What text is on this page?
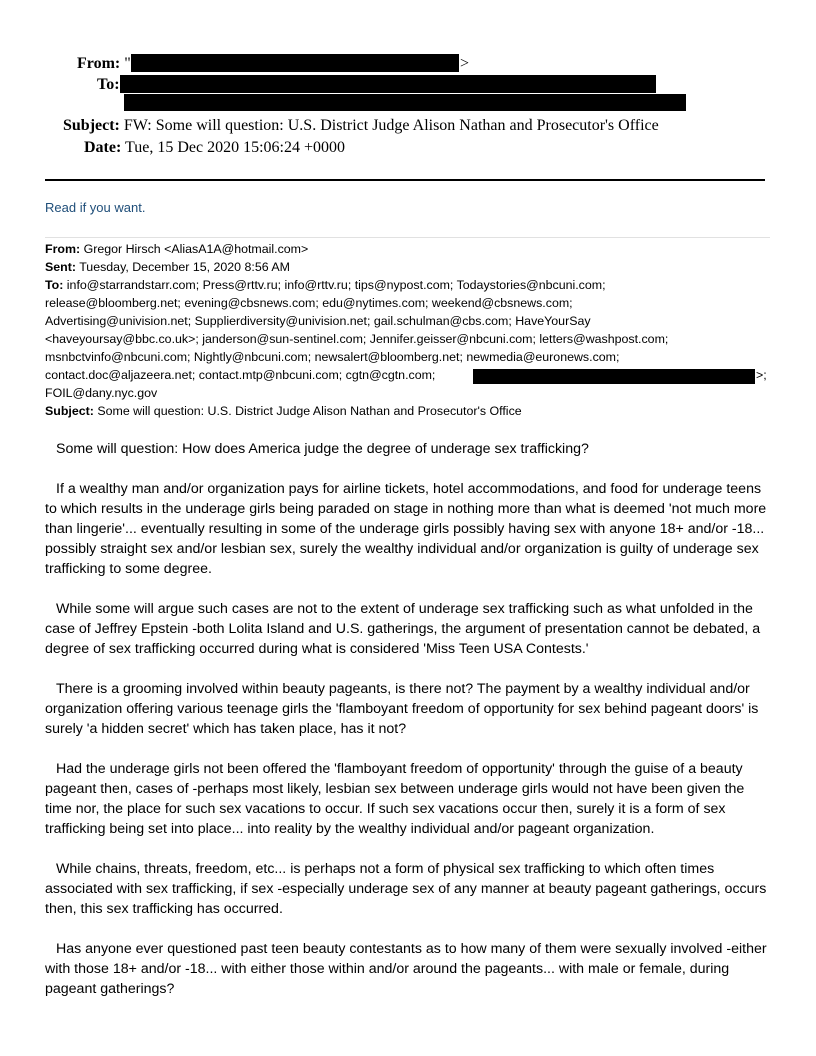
From: "	>
To:
Subject: FW: Some will question: U.S. District Judge Alison Nathan and Prosecutor's Office
Date: Tue, 15 Dec 2020 15:06:24 +0000
Read if you want.
From: Gregor Hirsch <AliasA1A@hotmail.com>
Sent: Tuesday, December 15, 2020 8:56 AM
To: info@starrandstarr.com; Press@rttv.ru; info@rttv.ru; tips@nypost.com; Todaystories@nbcuni.com;
release@bloomberg.net; evening@cbsnews.com; edu@nytimes.com; weekend@cbsnews.com;
Advertising@univision.net; Supplierdiversity@univision.net; gail.schulman@cbs.com; HaveYourSay
<haveyoursay@bbc.co.uk>; janderson@sun-sentinel.com; Jennifer.geisser@nbcuni.com; letters@washpost.com;
msnbctvinfo@nbcuni.com; Nightly@nbcuni.com; newsalert@bloomberg.net; newmedia@euronews.com;
contact.doc@aljazeera.net; contact.mtp@nbcuni.com; cgtn@cgtn.com;
FOIL@dany.nyc.gov
Subject: Some will question: U.S. District Judge Alison Nathan and Prosecutor's Office
>;

Some will question: How does America judge the degree of underage sex trafficking?

If a wealthy man and/or organization pays for airline tickets, hotel accommodations, and food for underage teens to which results in the underage girls being paraded on stage in nothing more than what is deemed 'not much more than lingerie'... eventually resulting in some of the underage girls possibly having sex with anyone 18+ and/or -18... possibly straight sex and/or lesbian sex, surely the wealthy individual and/or organization is guilty of underage sex trafficking to some degree.

While some will argue such cases are not to the extent of underage sex trafficking such as what unfolded in the case of Jeffrey Epstein -both Lolita Island and U.S. gatherings, the argument of presentation cannot be debated, a degree of sex trafficking occurred during what is considered 'Miss Teen USA Contests.'

There is a grooming involved within beauty pageants, is there not? The payment by a wealthy individual and/or organization offering various teenage girls the 'flamboyant freedom of opportunity for sex behind pageant doors' is surely 'a hidden secret' which has taken place, has it not?

Had the underage girls not been offered the 'flamboyant freedom of opportunity' through the guise of a beauty pageant then, cases of -perhaps most likely, lesbian sex between underage girls would not have been given the time nor, the place for such sex vacations to occur. If such sex vacations occur then, surely it is a form of sex trafficking being set into place... into reality by the wealthy individual and/or pageant organization.

While chains, threats, freedom, etc... is perhaps not a form of physical sex trafficking to which often times associated with sex trafficking, if sex -especially underage sex of any manner at beauty pageant gatherings, occurs then, this sex trafficking has occurred.

Has anyone ever questioned past teen beauty contestants as to how many of them were sexually involved -either with those 18+ and/or -18... with either those within and/or around the pageants... with male or female, during pageant gatherings?
